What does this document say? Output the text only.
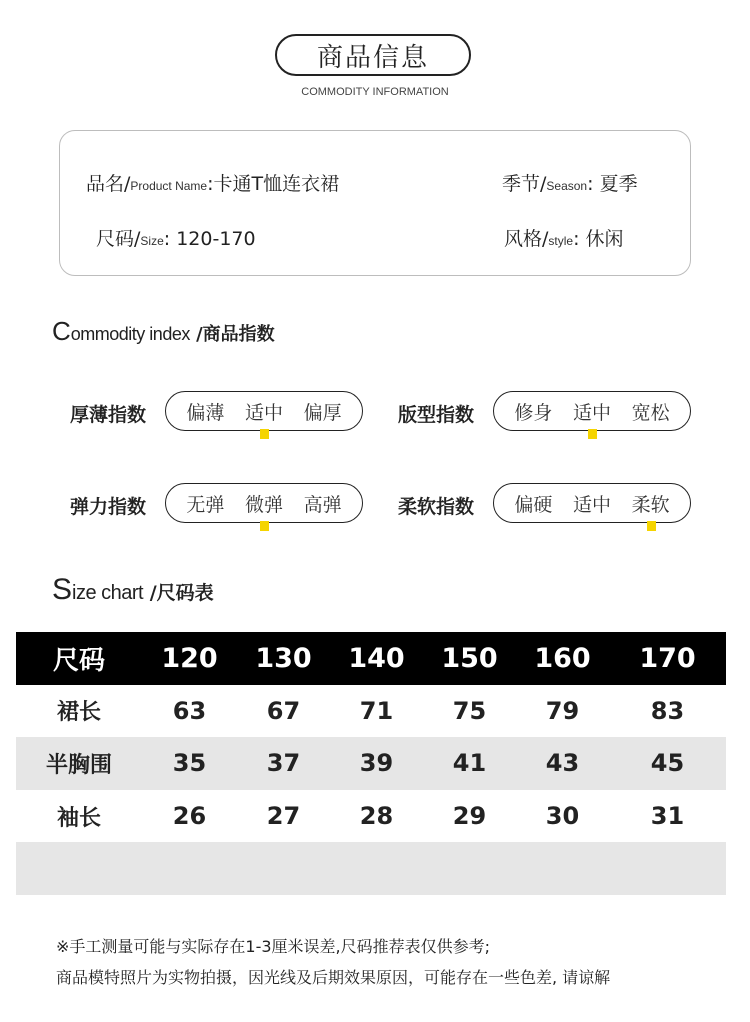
商品信息
COMMODITY INFORMATION
品名/Product Name:卡通T恤连衣裙	季节/Season: 夏季
尺码/Size: 120-170	风格/style: 休闲
Commodity index /商品指数
厚薄指数 偏薄 适中 偏厚	版型指数 修身 适中 宽松
弹力指数 无弹 微弹 高弹	柔软指数 偏硬 适中 柔软
Size chart /尺码表
尺码	120	130	140	150	160	170
裙长	63	67	71	75	79	83
半胸围	35	37	39	41	43	45
袖长	26	27	28	29	30	31

※手工测量可能与实际存在1-3厘米误差,尺码推荐表仅供参考;
商品模特照片为实物拍摄，因光线及后期效果原因，可能存在一些色差, 请谅解
